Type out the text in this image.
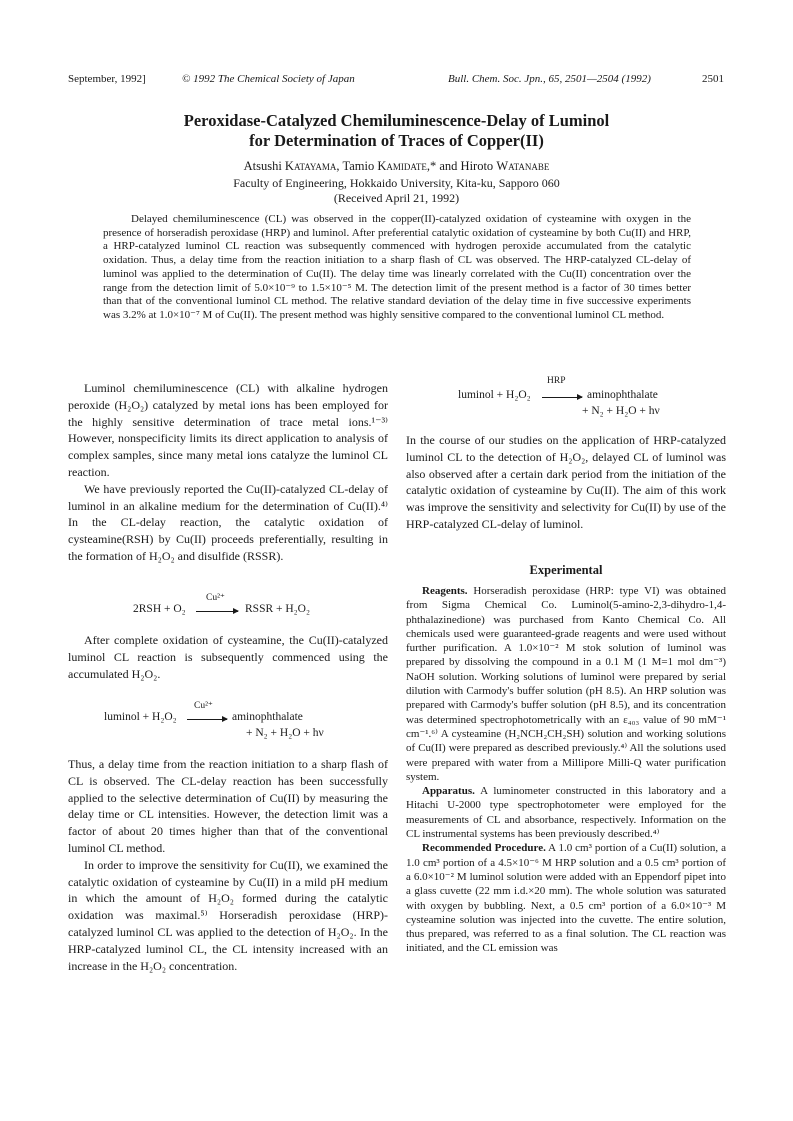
September, 1992]	© 1992 The Chemical Society of Japan	Bull. Chem. Soc. Jpn., 65, 2501—2504 (1992)	2501
Peroxidase-Catalyzed Chemiluminescence-Delay of Luminol
for Determination of Traces of Copper(II)
Atsushi Katayama, Tamio Kamidate,* and Hiroto Watanabe
Faculty of Engineering, Hokkaido University, Kita-ku, Sapporo 060
(Received April 21, 1992)
Delayed chemiluminescence (CL) was observed in the copper(II)-catalyzed oxidation of cysteamine with oxygen in the presence of horseradish peroxidase (HRP) and luminol. After preferential catalytic oxidation of cysteamine by both Cu(II) and HRP, a HRP-catalyzed luminol CL reaction was subsequently commenced with hydrogen peroxide accumulated from the catalytic oxidation. Thus, a delay time from the reaction initiation to a sharp flash of CL was observed. The HRP-catalyzed CL-delay of luminol was applied to the determination of Cu(II). The delay time was linearly correlated with the Cu(II) concentration over the range from the detection limit of 5.0×10⁻⁹ to 1.5×10⁻⁵ M. The detection limit of the present method is a factor of 30 times better than that of the conventional luminol CL method. The relative standard deviation of the delay time in five successive experiments was 3.2% at 1.0×10⁻⁷ M of Cu(II). The present method was highly sensitive compared to the conventional luminol CL method.

Luminol chemiluminescence (CL) with alkaline hydrogen peroxide (H₂O₂) catalyzed by metal ions has been employed for the highly sensitive determination of trace metal ions.¹⁻³⁾ However, nonspecificity limits its direct application to analysis of complex samples, since many metal ions catalyze the luminol CL reaction.

We have previously reported the Cu(II)-catalyzed CL-delay of luminol in an alkaline medium for the determination of Cu(II).⁴⁾ In the CL-delay reaction, the catalytic oxidation of cysteamine(RSH) by Cu(II) proceeds preferentially, resulting in the formation of H₂O₂ and disulfide (RSSR).

2RSH + O₂
Cu²⁺
RSSR + H₂O₂

After complete oxidation of cysteamine, the Cu(II)-catalyzed luminol CL reaction is subsequently commenced using the accumulated H₂O₂.

luminol + H₂O₂
Cu²⁺
aminophthalate
+ N₂ + H₂O + hν

Thus, a delay time from the reaction initiation to a sharp flash of CL is observed. The CL-delay reaction has been successfully applied to the selective determination of Cu(II) by measuring the delay time or CL intensities. However, the detection limit was a factor of about 20 times higher than that of the conventional luminol CL method.

In order to improve the sensitivity for Cu(II), we examined the catalytic oxidation of cysteamine by Cu(II) in a mild pH medium in which the amount of H₂O₂ formed during the catalytic oxidation was maximal.⁵⁾ Horseradish peroxidase (HRP)-catalyzed luminol CL was applied to the detection of H₂O₂. In the HRP-catalyzed luminol CL, the CL intensity increased with an increase in the H₂O₂ concentration.

luminol + H₂O₂
HRP
aminophthalate
+ N₂ + H₂O + hν

In the course of our studies on the application of HRP-catalyzed luminol CL to the detection of H₂O₂, delayed CL of luminol was also observed after a certain dark period from the initiation of the catalytic oxidation of cysteamine by Cu(II). The aim of this work was improve the sensitivity and selectivity for Cu(II) by use of the HRP-catalyzed CL-delay of luminol.

Experimental

Reagents. Horseradish peroxidase (HRP: type VI) was obtained from Sigma Chemical Co. Luminol(5-amino-2,3-dihydro-1,4-phthalazinedione) was purchased from Kanto Chemical Co. All chemicals used were guaranteed-grade reagents and were used without further purification. A 1.0×10⁻² M stok solution of luminol was prepared by dissolving the compound in a 0.1 M (1 M=1 mol dm⁻³) NaOH solution. Working solutions of luminol were prepared by serial dilution with Carmody's buffer solution (pH 8.5). An HRP solution was prepared with Carmody's buffer solution (pH 8.5), and its concentration was determined spectrophotometrically with an ε₄₀₃ value of 90 mM⁻¹ cm⁻¹.⁶⁾ A cysteamine (H₂NCH₂CH₂SH) solution and working solutions of Cu(II) were prepared as described previously.⁴⁾ All the solutions used were prepared with water from a Millipore Milli-Q water purification system.

Apparatus. A luminometer constructed in this laboratory and a Hitachi U-2000 type spectrophotometer were employed for the measurements of CL and absorbance, respectively. Information on the CL instrumental systems has been previously described.⁴⁾

Recommended Procedure. A 1.0 cm³ portion of a Cu(II) solution, a 1.0 cm³ portion of a 4.5×10⁻⁶ M HRP solution and a 0.5 cm³ portion of a 6.0×10⁻² M luminol solution were added with an Eppendorf pipet into a glass cuvette (22 mm i.d.×20 mm). The whole solution was saturated with oxygen by bubbling. Next, a 0.5 cm³ portion of a 6.0×10⁻³ M cysteamine solution was injected into the cuvette. The entire solution, thus prepared, was referred to as a final solution. The CL reaction was initiated, and the CL emission was
